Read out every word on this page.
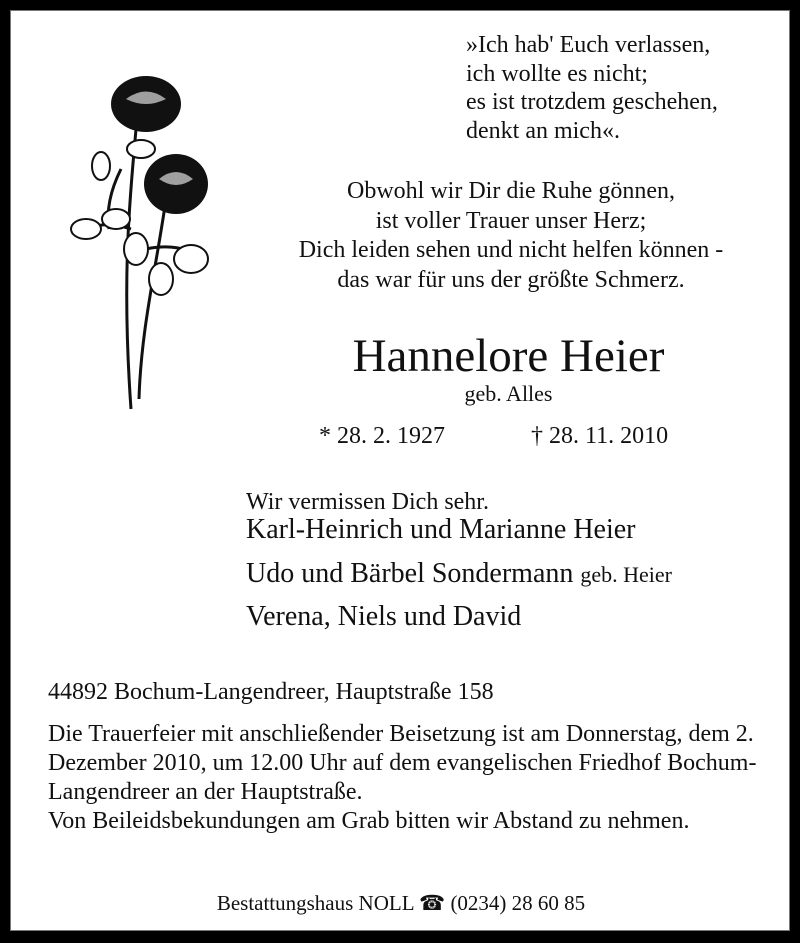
»Ich hab' Euch verlassen,
ich wollte es nicht;
es ist trotzdem geschehen,
denkt an mich«.
Obwohl wir Dir die Ruhe gönnen,
ist voller Trauer unser Herz;
Dich leiden sehen und nicht helfen können -
das war für uns der größte Schmerz.
Hannelore Heier
geb. Alles
* 28. 2. 1927	† 28. 11. 2010
Wir vermissen Dich sehr.
Karl-Heinrich und Marianne Heier
Udo und Bärbel Sondermann geb. Heier
Verena, Niels und David
44892 Bochum-Langendreer, Hauptstraße 158

Die Trauerfeier mit anschließender Beisetzung ist am Donnerstag, dem 2. Dezember 2010, um 12.00 Uhr auf dem evangelischen Friedhof Bochum-Langendreer an der Hauptstraße.

Von Beileidsbekundungen am Grab bitten wir Abstand zu nehmen.

Bestattungshaus NOLL ☎ (0234) 28 60 85
